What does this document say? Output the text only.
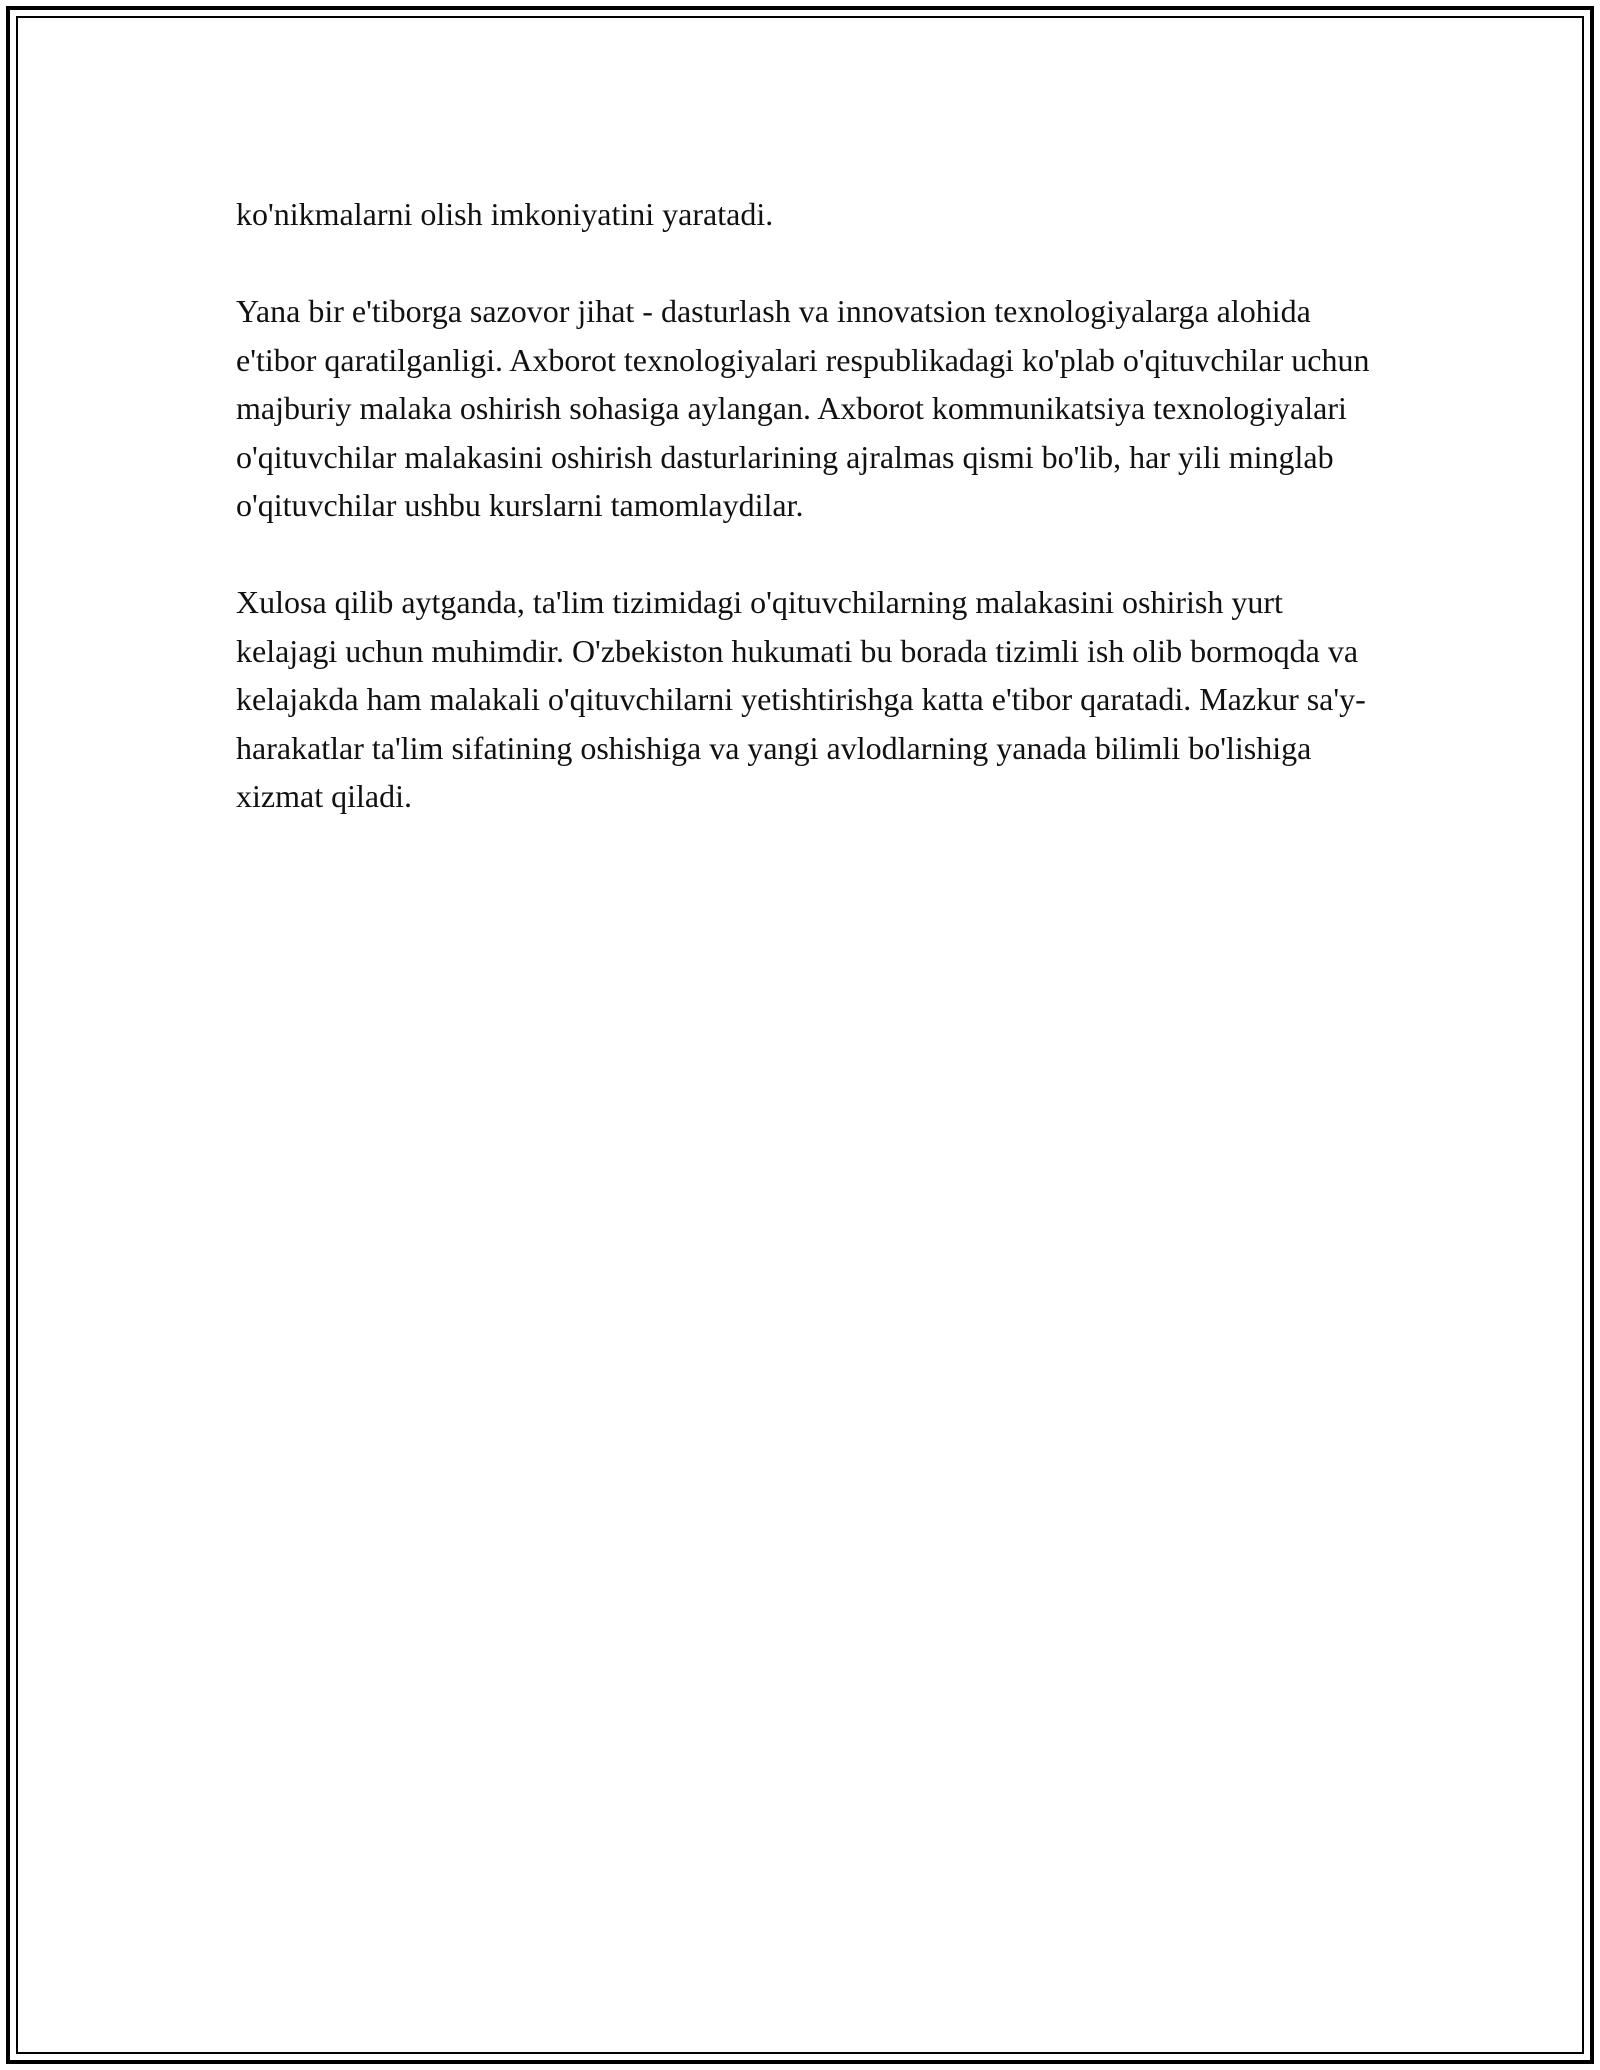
ko'nikmalarni olish imkoniyatini yaratadi.

Yana bir e'tiborga sazovor jihat - dasturlash va innovatsion texnologiyalarga alohida e'tibor qaratilganligi. Axborot texnologiyalari respublikadagi ko'plab o'qituvchilar uchun majburiy malaka oshirish sohasiga aylangan. Axborot kommunikatsiya texnologiyalari o'qituvchilar malakasini oshirish dasturlarining ajralmas qismi bo'lib, har yili minglab o'qituvchilar ushbu kurslarni tamomlaydilar.

Xulosa qilib aytganda, ta'lim tizimidagi o'qituvchilarning malakasini oshirish yurt kelajagi uchun muhimdir. O'zbekiston hukumati bu borada tizimli ish olib bormoqda va kelajakda ham malakali o'qituvchilarni yetishtirishga katta e'tibor qaratadi. Mazkur sa'y-harakatlar ta'lim sifatining oshishiga va yangi avlodlarning yanada bilimli bo'lishiga xizmat qiladi.
